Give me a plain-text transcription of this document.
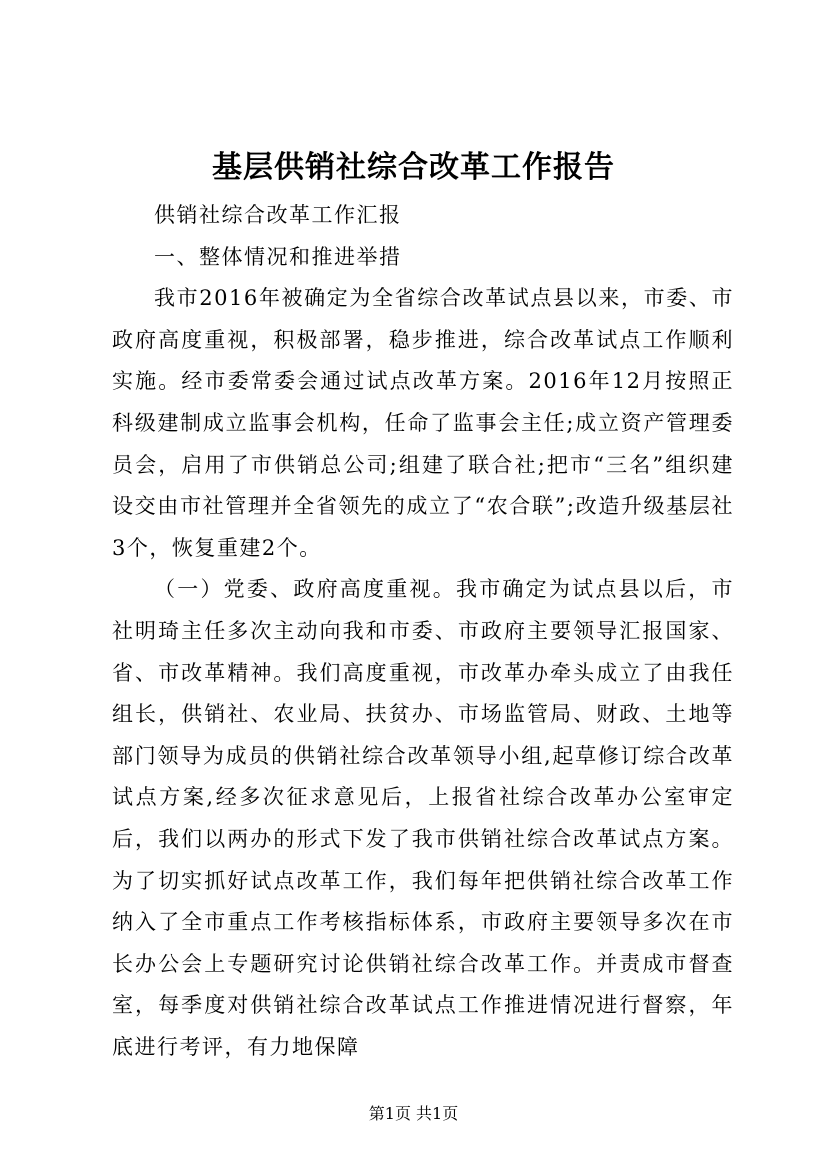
基层供销社综合改革工作报告

供销社综合改革工作汇报

一、整体情况和推进举措

我市2016年被确定为全省综合改革试点县以来，市委、市政府高度重视，积极部署，稳步推进，综合改革试点工作顺利实施。经市委常委会通过试点改革方案。2016年12月按照正科级建制成立监事会机构，任命了监事会主任;成立资产管理委员会，启用了市供销总公司;组建了联合社;把市“三名”组织建设交由市社管理并全省领先的成立了“农合联”;改造升级基层社3个，恢复重建2个。

（一）党委、政府高度重视。我市确定为试点县以后，市社明琦主任多次主动向我和市委、市政府主要领导汇报国家、省、市改革精神。我们高度重视，市改革办牵头成立了由我任组长，供销社、农业局、扶贫办、市场监管局、财政、土地等部门领导为成员的供销社综合改革领导小组,起草修订综合改革试点方案,经多次征求意见后，上报省社综合改革办公室审定后，我们以两办的形式下发了我市供销社综合改革试点方案。为了切实抓好试点改革工作，我们每年把供销社综合改革工作纳入了全市重点工作考核指标体系，市政府主要领导多次在市长办公会上专题研究讨论供销社综合改革工作。并责成市督查室，每季度对供销社综合改革试点工作推进情况进行督察，年底进行考评，有力地保障

第1页 共1页
